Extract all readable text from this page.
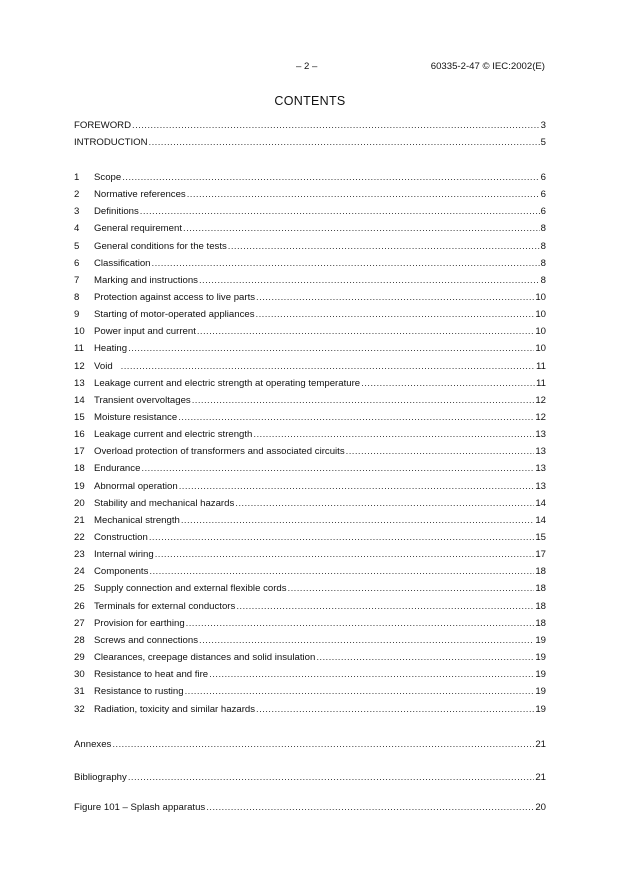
– 2 –	60335-2-47 © IEC:2002(E)
CONTENTS
FOREWORD .....	3
INTRODUCTION .....	5
1	Scope .....	6
2	Normative references .....	6
3	Definitions .....	6
4	General requirement .....	8
5	General conditions for the tests .....	8
6	Classification .....	8
7	Marking and instructions .....	8
8	Protection against access to live parts .....	10
9	Starting of motor-operated appliances .....	10
10 Power input and current .....	10
11	Heating .....	10
12 Void .....	11
13 Leakage current and electric strength at operating temperature .....	11
14 Transient overvoltages .....	12
15 Moisture resistance .....	12
16 Leakage current and electric strength .....	13
17 Overload protection of transformers and associated circuits .....	13
18 Endurance .....	13
19 Abnormal operation .....	13
20 Stability and mechanical hazards .....	14
21 Mechanical strength .....	14
22 Construction .....	15
23 Internal wiring .....	17
24 Components .....	18
25 Supply connection and external flexible cords .....	18
26 Terminals for external conductors .....	18
27 Provision for earthing .....	18
28 Screws and connections .....	19
29 Clearances, creepage distances and solid insulation .....	19
30 Resistance to heat and fire .....	19
31 Resistance to rusting .....	19
32 Radiation, toxicity and similar hazards .....	19
Annexes .....	21
Bibliography .....	21
Figure 101 – Splash apparatus .....	20
